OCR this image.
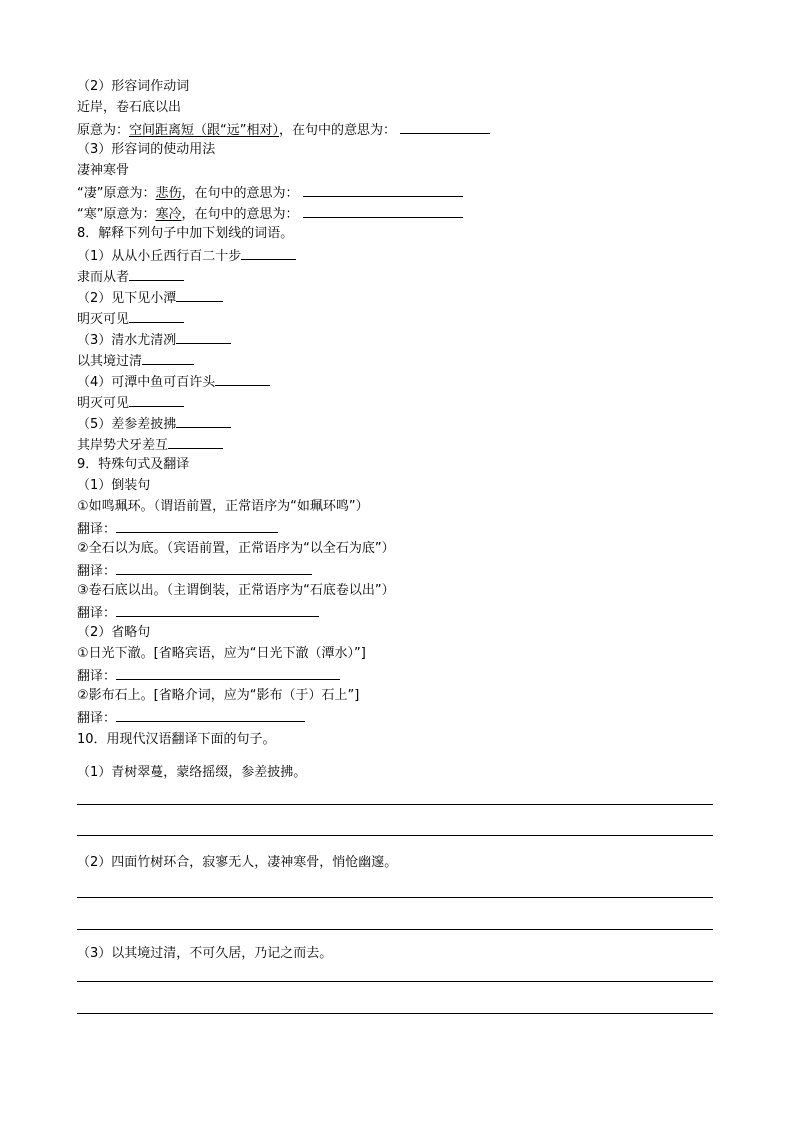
（2）形容词作动词
近岸，卷石底以出
原意为：空间距离短（跟“远”相对），在句中的意思为：
（3）形容词的使动用法
凄神寒骨
“凄”原意为：悲伤，在句中的意思为：
“寒”原意为：寒冷，在句中的意思为：
8．解释下列句子中加下划线的词语。
（1）从从小丘西行百二十步
隶而从者
（2）见下见小潭
明灭可见
（3）清水尤清冽
以其境过清
（4）可潭中鱼可百许头
明灭可见
（5）差参差披拂
其岸势犬牙差互
9．特殊句式及翻译
（1）倒装句
①如鸣珮环。（谓语前置，正常语序为“如珮环鸣”）
翻译：
②全石以为底。（宾语前置，正常语序为“以全石为底”）
翻译：
③卷石底以出。（主谓倒装，正常语序为“石底卷以出”）
翻译：
（2）省略句
①日光下澈。[省略宾语，应为“日光下澈（潭水）”]
翻译：
②影布石上。[省略介词，应为“影布（于）石上”]
翻译：
10．用现代汉语翻译下面的句子。
（1）青树翠蔓，蒙络摇缀，参差披拂。
（2）四面竹树环合，寂寥无人，凄神寒骨，悄怆幽邃。
（3）以其境过清，不可久居，乃记之而去。
